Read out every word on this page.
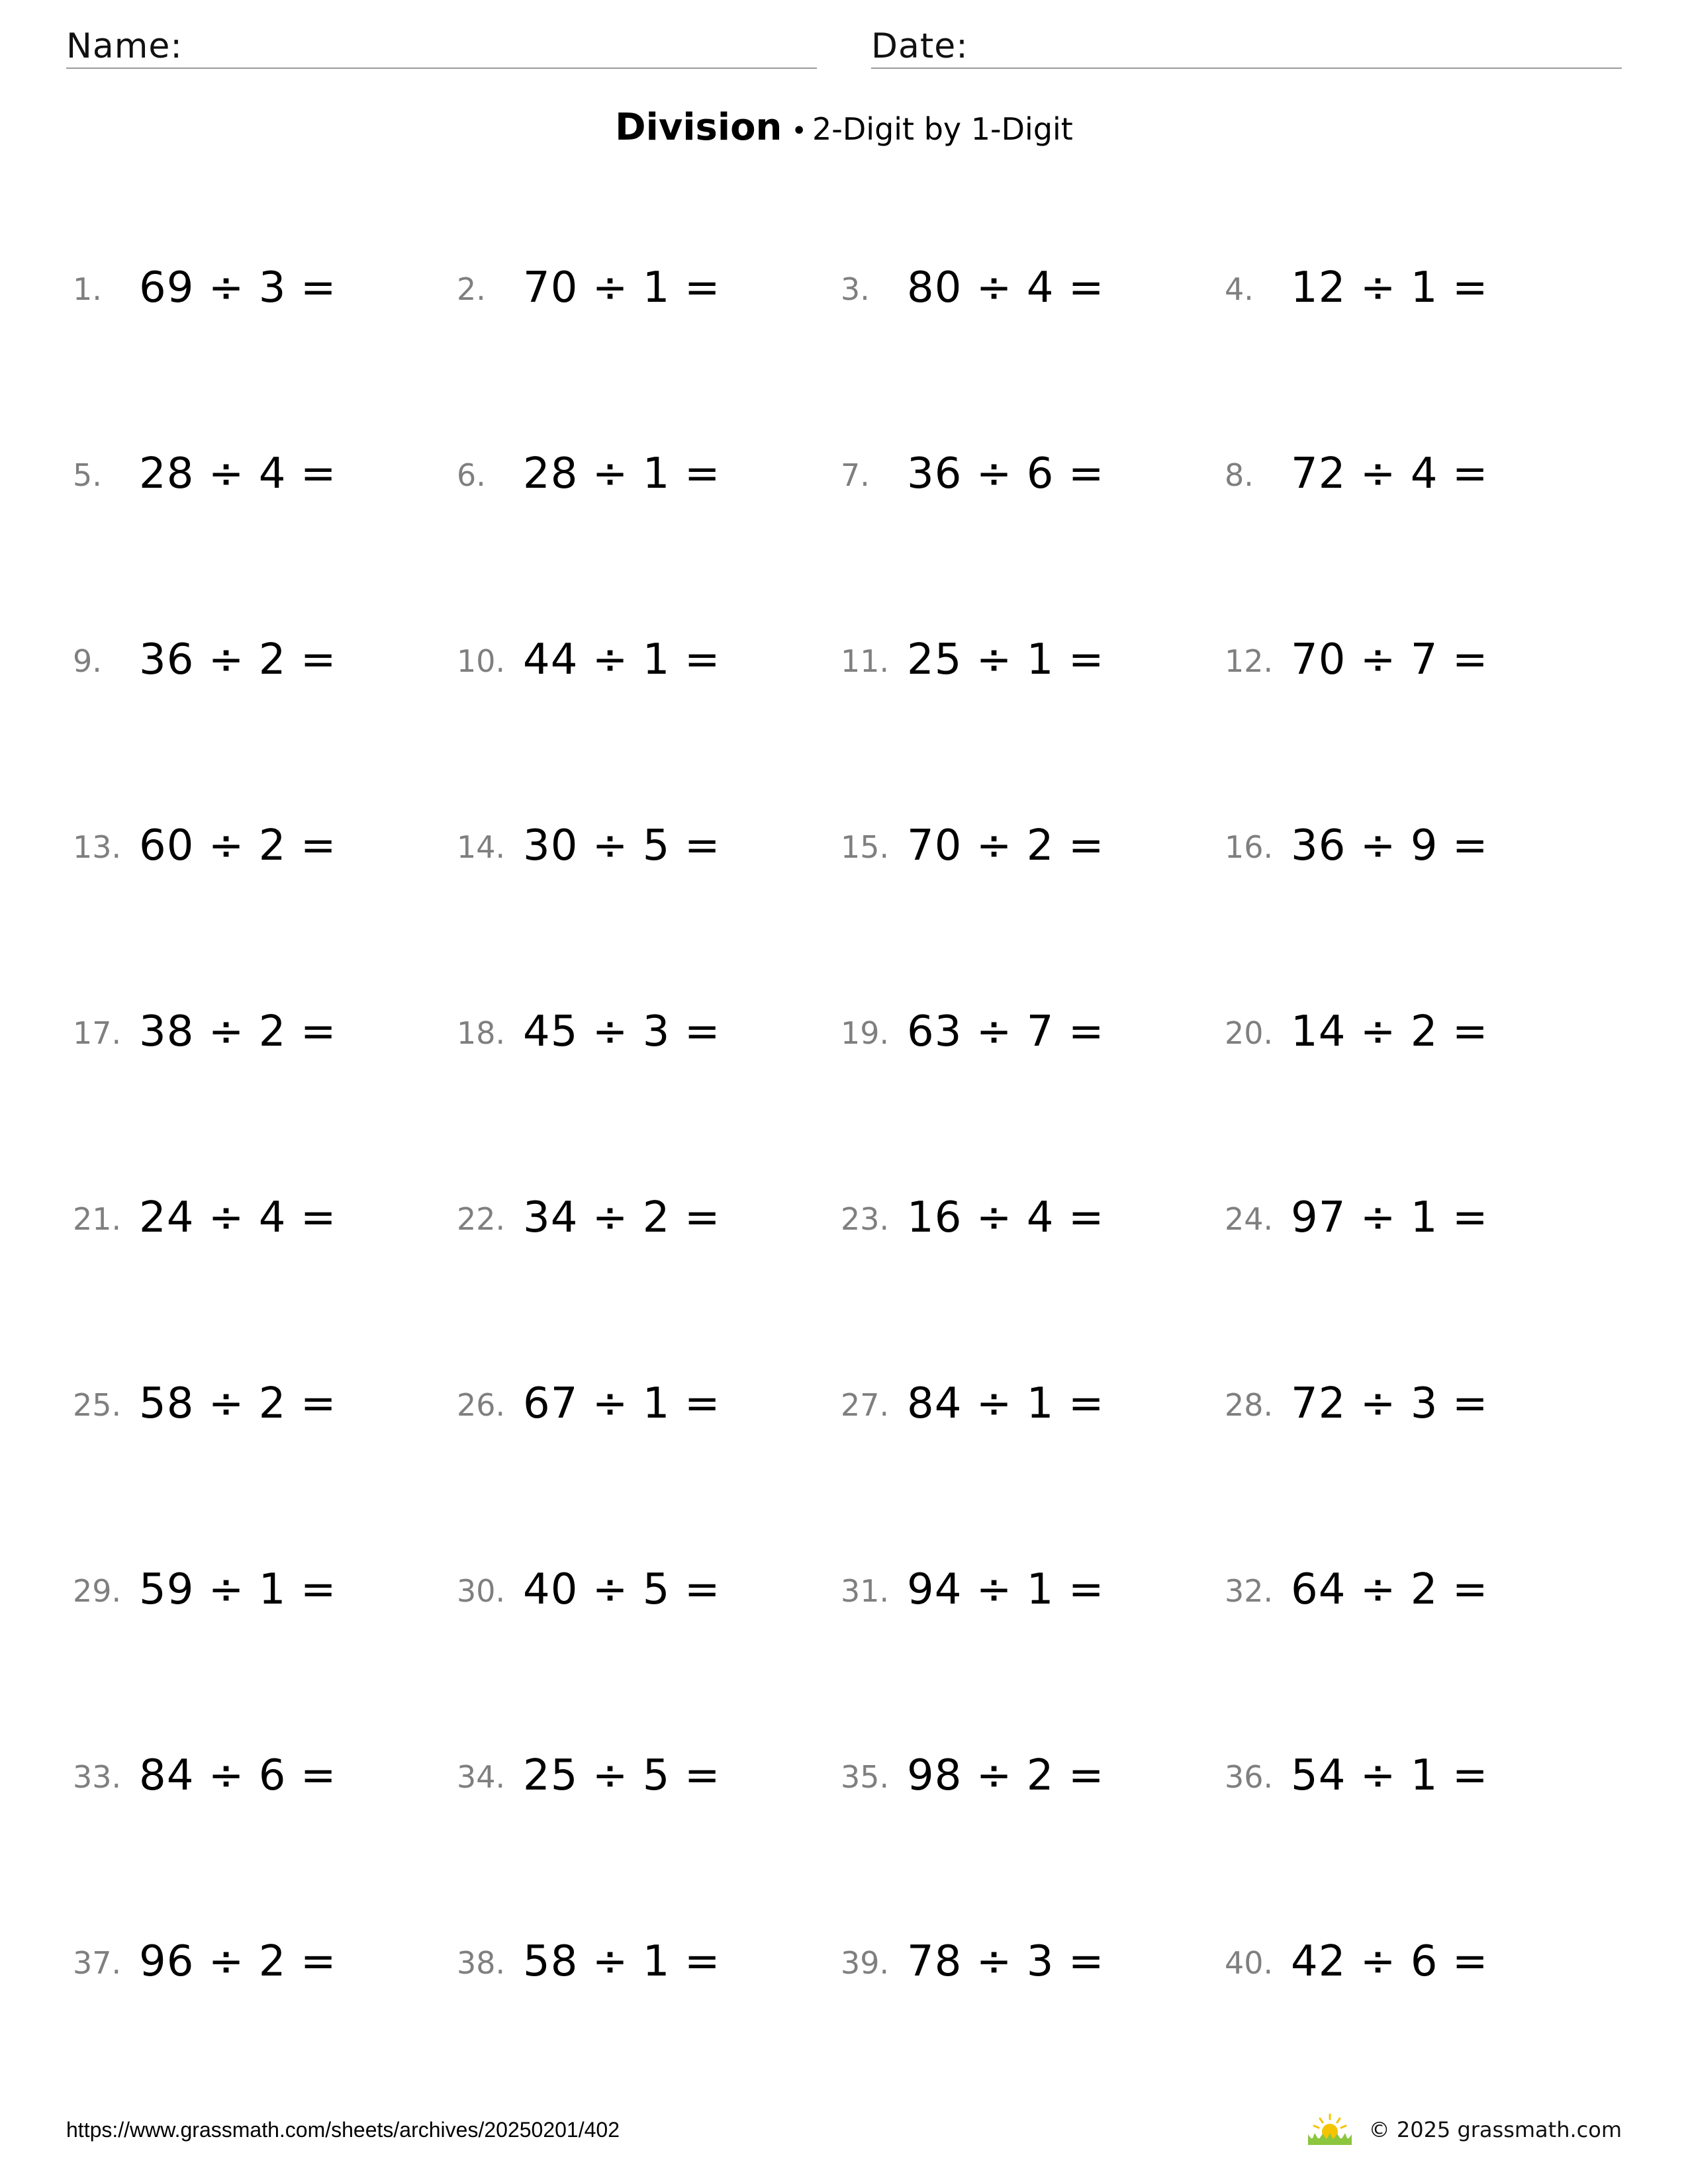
Name:	Date:
Division • 2-Digit by 1-Digit
1. 69 ÷ 3 =	2. 70 ÷ 1 =	3. 80 ÷ 4 =	4. 12 ÷ 1 =
5. 28 ÷ 4 =	6. 28 ÷ 1 =	7. 36 ÷ 6 =	8. 72 ÷ 4 =
9. 36 ÷ 2 =	10. 44 ÷ 1 =	11. 25 ÷ 1 =	12. 70 ÷ 7 =
13. 60 ÷ 2 =	14. 30 ÷ 5 =	15. 70 ÷ 2 =	16. 36 ÷ 9 =
17. 38 ÷ 2 =	18. 45 ÷ 3 =	19. 63 ÷ 7 =	20. 14 ÷ 2 =
21. 24 ÷ 4 =	22. 34 ÷ 2 =	23. 16 ÷ 4 =	24. 97 ÷ 1 =
25. 58 ÷ 2 =	26. 67 ÷ 1 =	27. 84 ÷ 1 =	28. 72 ÷ 3 =
29. 59 ÷ 1 =	30. 40 ÷ 5 =	31. 94 ÷ 1 =	32. 64 ÷ 2 =
33. 84 ÷ 6 =	34. 25 ÷ 5 =	35. 98 ÷ 2 =	36. 54 ÷ 1 =
37. 96 ÷ 2 =	38. 58 ÷ 1 =	39. 78 ÷ 3 =	40. 42 ÷ 6 =
https://www.grassmath.com/sheets/archives/20250201/402	© 2025 grassmath.com
